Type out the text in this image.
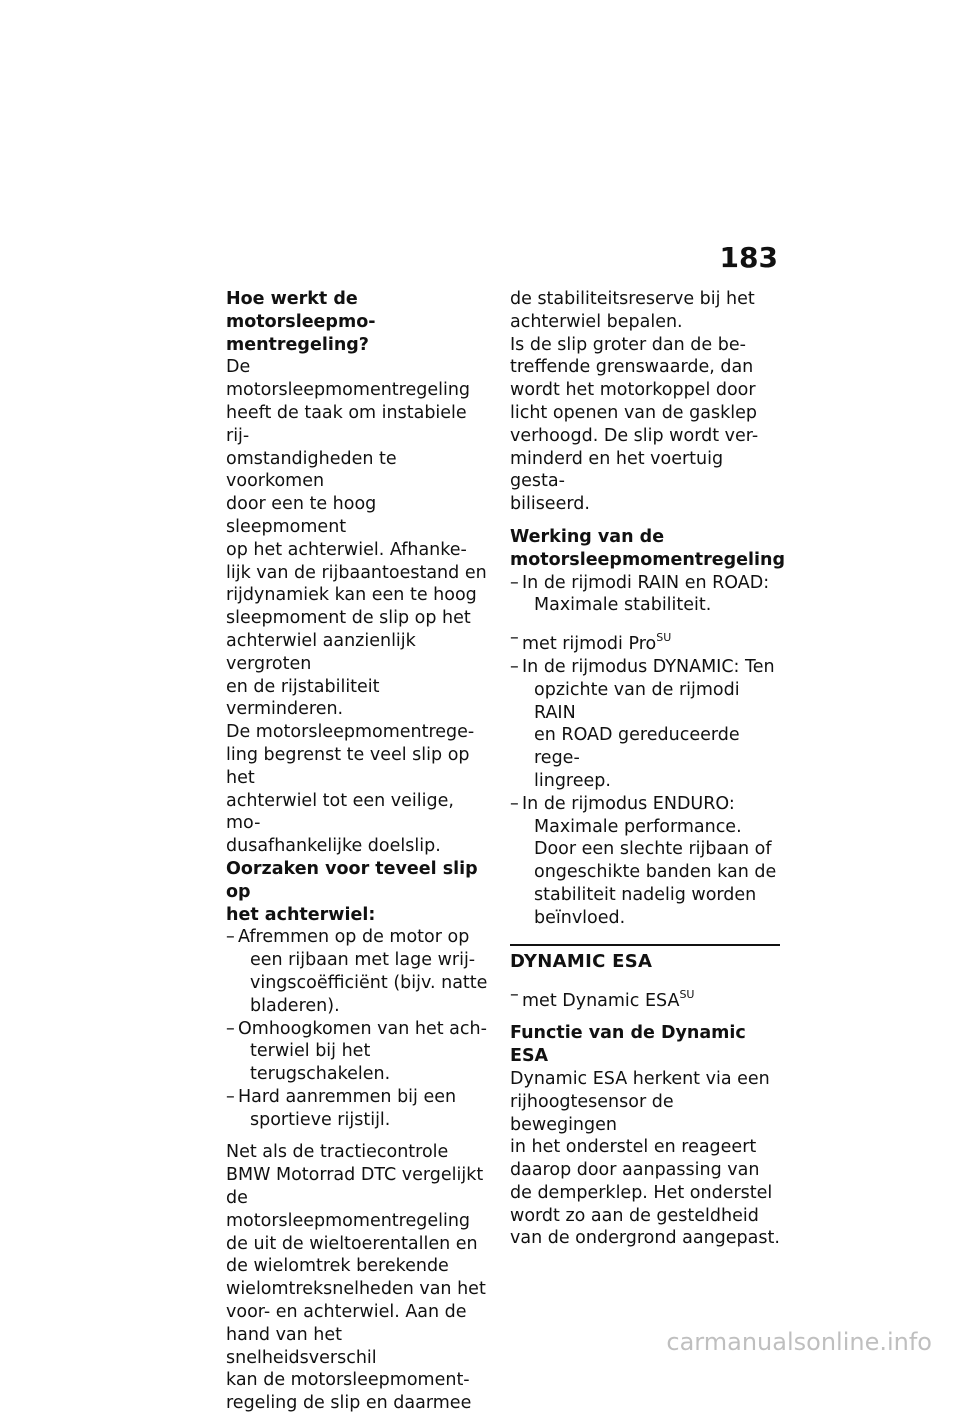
183
Hoe werkt de motorsleepmo-
mentregeling?
De motorsleepmomentregeling
heeft de taak om instabiele rij-
omstandigheden te voorkomen
door een te hoog sleepmoment
op het achterwiel. Afhanke-
lijk van de rijbaantoestand en
rijdynamiek kan een te hoog
sleepmoment de slip op het
achterwiel aanzienlijk vergroten
en de rijstabiliteit verminderen.
De motorsleepmomentrege-
ling begrenst te veel slip op het
achterwiel tot een veilige, mo-
dusafhankelijke doelslip.
Oorzaken voor teveel slip op
het achterwiel:
– Afremmen op de motor op
een rijbaan met lage wrij-
vingscoëfficiënt (bijv. natte
bladeren).
– Omhoogkomen van het ach-
terwiel bij het terugschakelen.
– Hard aanremmen bij een
sportieve rijstijl.
Net als de tractiecontrole
BMW Motorrad DTC vergelijkt
de motorsleepmomentregeling
de uit de wieltoerentallen en
de wielomtrek berekende
wielomtreksnelheden van het
voor- en achterwiel. Aan de
hand van het snelheidsverschil
kan de motorsleepmoment-
regeling de slip en daarmee
de stabiliteitsreserve bij het
achterwiel bepalen.
Is de slip groter dan de be-
treffende grenswaarde, dan
wordt het motorkoppel door
licht openen van de gasklep
verhoogd. De slip wordt ver-
minderd en het voertuig gesta-
biliseerd.
Werking van de
motorsleepmomentregeling
– In de rijmodi RAIN en ROAD:
Maximale stabiliteit.
– met rijmodi Pro$^{SU}$
– In de rijmodus DYNAMIC: Ten
opzichte van de rijmodi RAIN
en ROAD gereduceerde rege-
lingreep.
– In de rijmodus ENDURO:
Maximale performance.
Door een slechte rijbaan of
ongeschikte banden kan de
stabiliteit nadelig worden
beïnvloed.
DYNAMIC ESA
– met Dynamic $ESA^{SU}$
Functie van de Dynamic ESA
Dynamic ESA herkent via een
rijhoogtesensor de bewegingen
in het onderstel en reageert
daarop door aanpassing van
de demperklep. Het onderstel
wordt zo aan de gesteldheid
van de ondergrond aangepast.
carmanualsonline.info
